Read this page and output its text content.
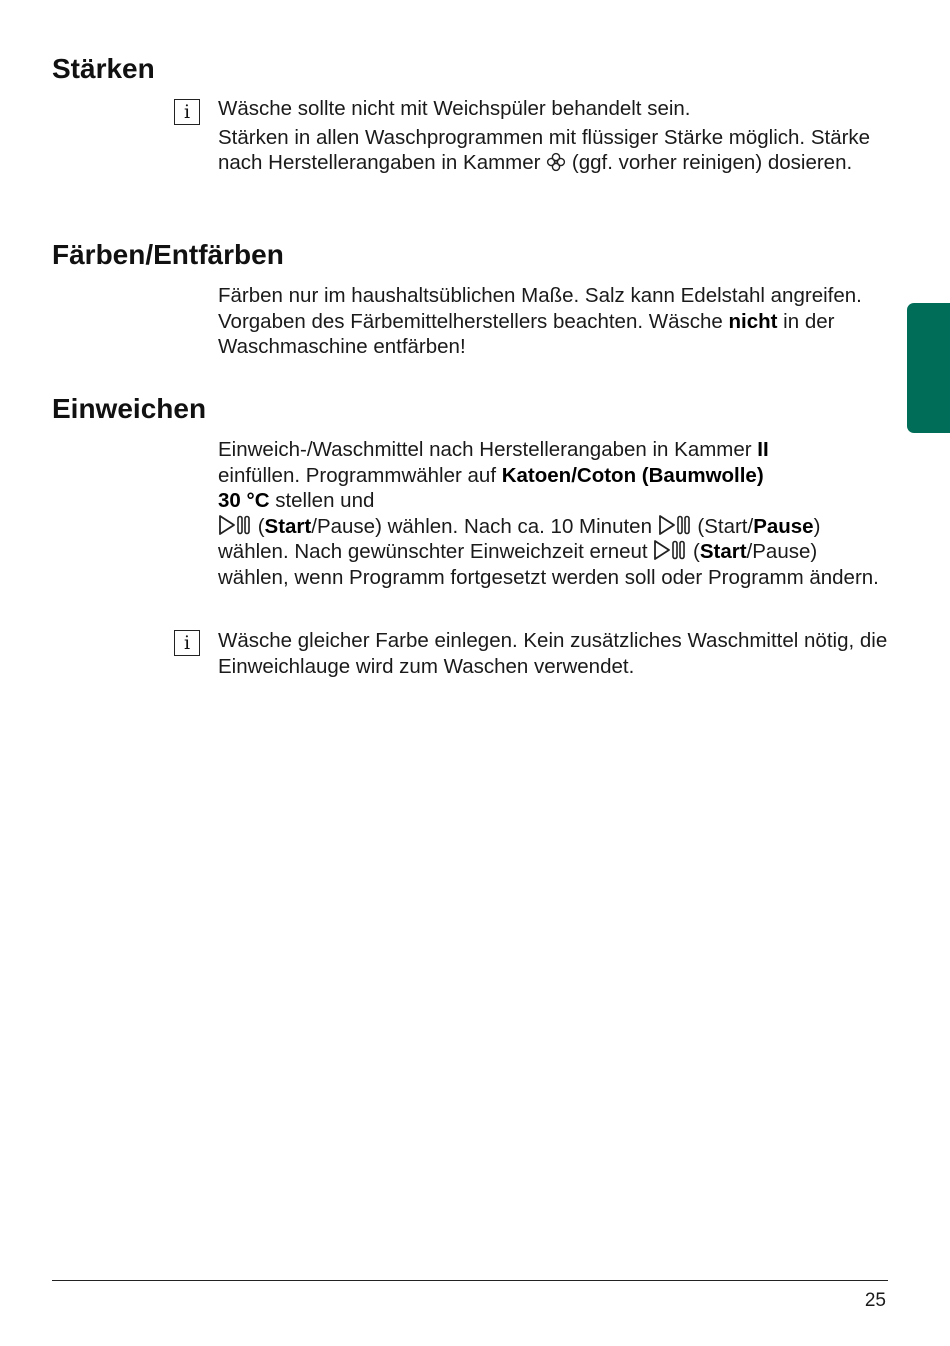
Stärken
i Wäsche sollte nicht mit Weichspüler behandelt sein.

Stärken in allen Waschprogrammen mit flüssiger Stärke möglich. Stärke nach Herstellerangaben in Kammer  (ggf. vorher reinigen) dosieren.

Färben/Entfärben

Färben nur im haushaltsüblichen Maße. Salz kann Edelstahl angreifen. Vorgaben des Färbemittelherstellers beachten. Wäsche nicht in der Waschmaschine entfärben!

Einweichen

Einweich-/Waschmittel nach Herstellerangaben in Kammer II

einfüllen. Programmwähler auf Katoen/Coton (Baumwolle)

30 °C stellen und

(Start/Pause) wählen. Nach ca. 10 Minuten  (Start/Pause)

wählen. Nach gewünschter Einweichzeit erneut  (Start/Pause)

wählen, wenn Programm fortgesetzt werden soll oder Programm ändern.

i Wäsche gleicher Farbe einlegen. Kein zusätzliches Waschmittel nötig, die Einweichlauge wird zum Waschen verwendet.

25
